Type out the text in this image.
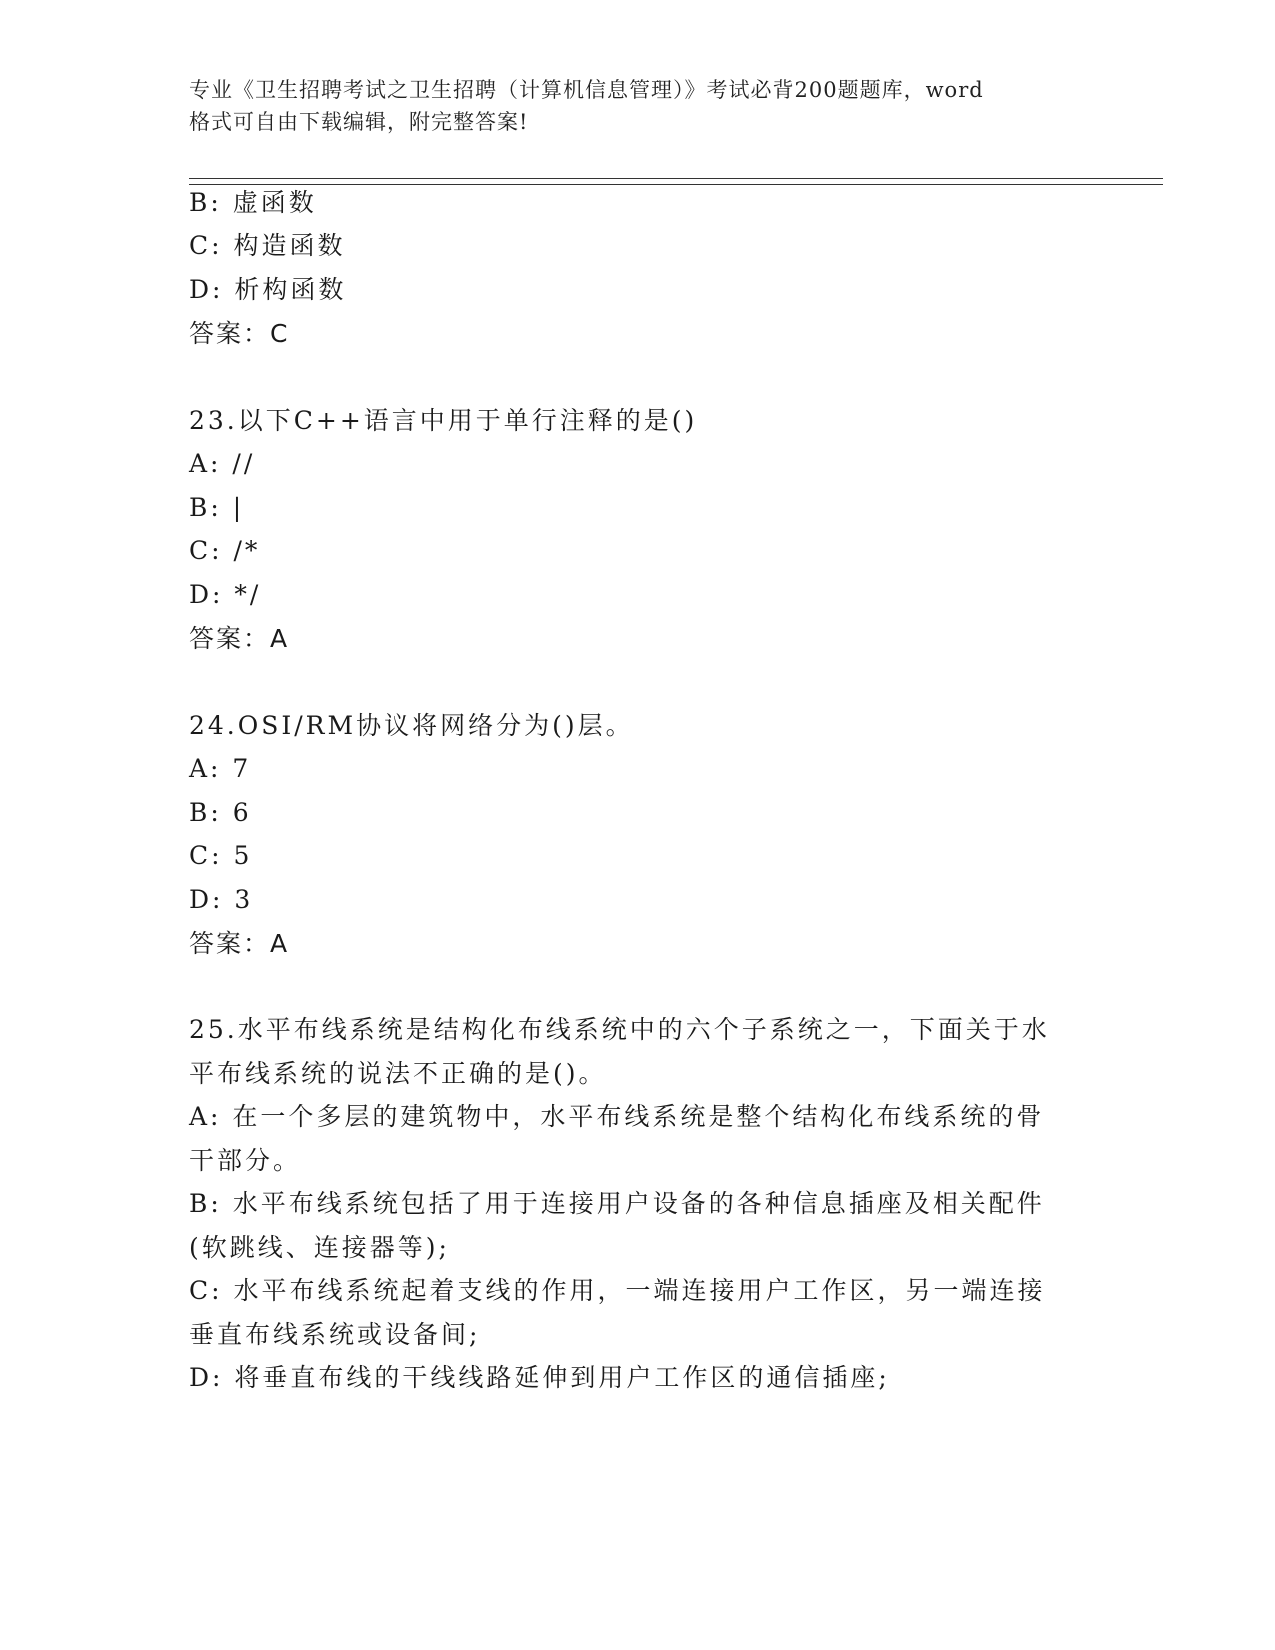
专业《卫生招聘考试之卫生招聘（计算机信息管理）》考试必背200题题库，word
格式可自由下载编辑，附完整答案!
B: 虚函数
C: 构造函数
D: 析构函数
答案：C
23.以下C++语言中用于单行注释的是()
A: //
B: |
C: /*
D: */
答案：A
24.OSI/RM协议将网络分为()层。
A: 7
B: 6
C: 5
D: 3
答案：A
25.水平布线系统是结构化布线系统中的六个子系统之一，下面关于水
平布线系统的说法不正确的是()。
A: 在一个多层的建筑物中，水平布线系统是整个结构化布线系统的骨
干部分。
B: 水平布线系统包括了用于连接用户设备的各种信息插座及相关配件
(软跳线、连接器等);
C: 水平布线系统起着支线的作用，一端连接用户工作区，另一端连接
垂直布线系统或设备间;
D: 将垂直布线的干线线路延伸到用户工作区的通信插座;
